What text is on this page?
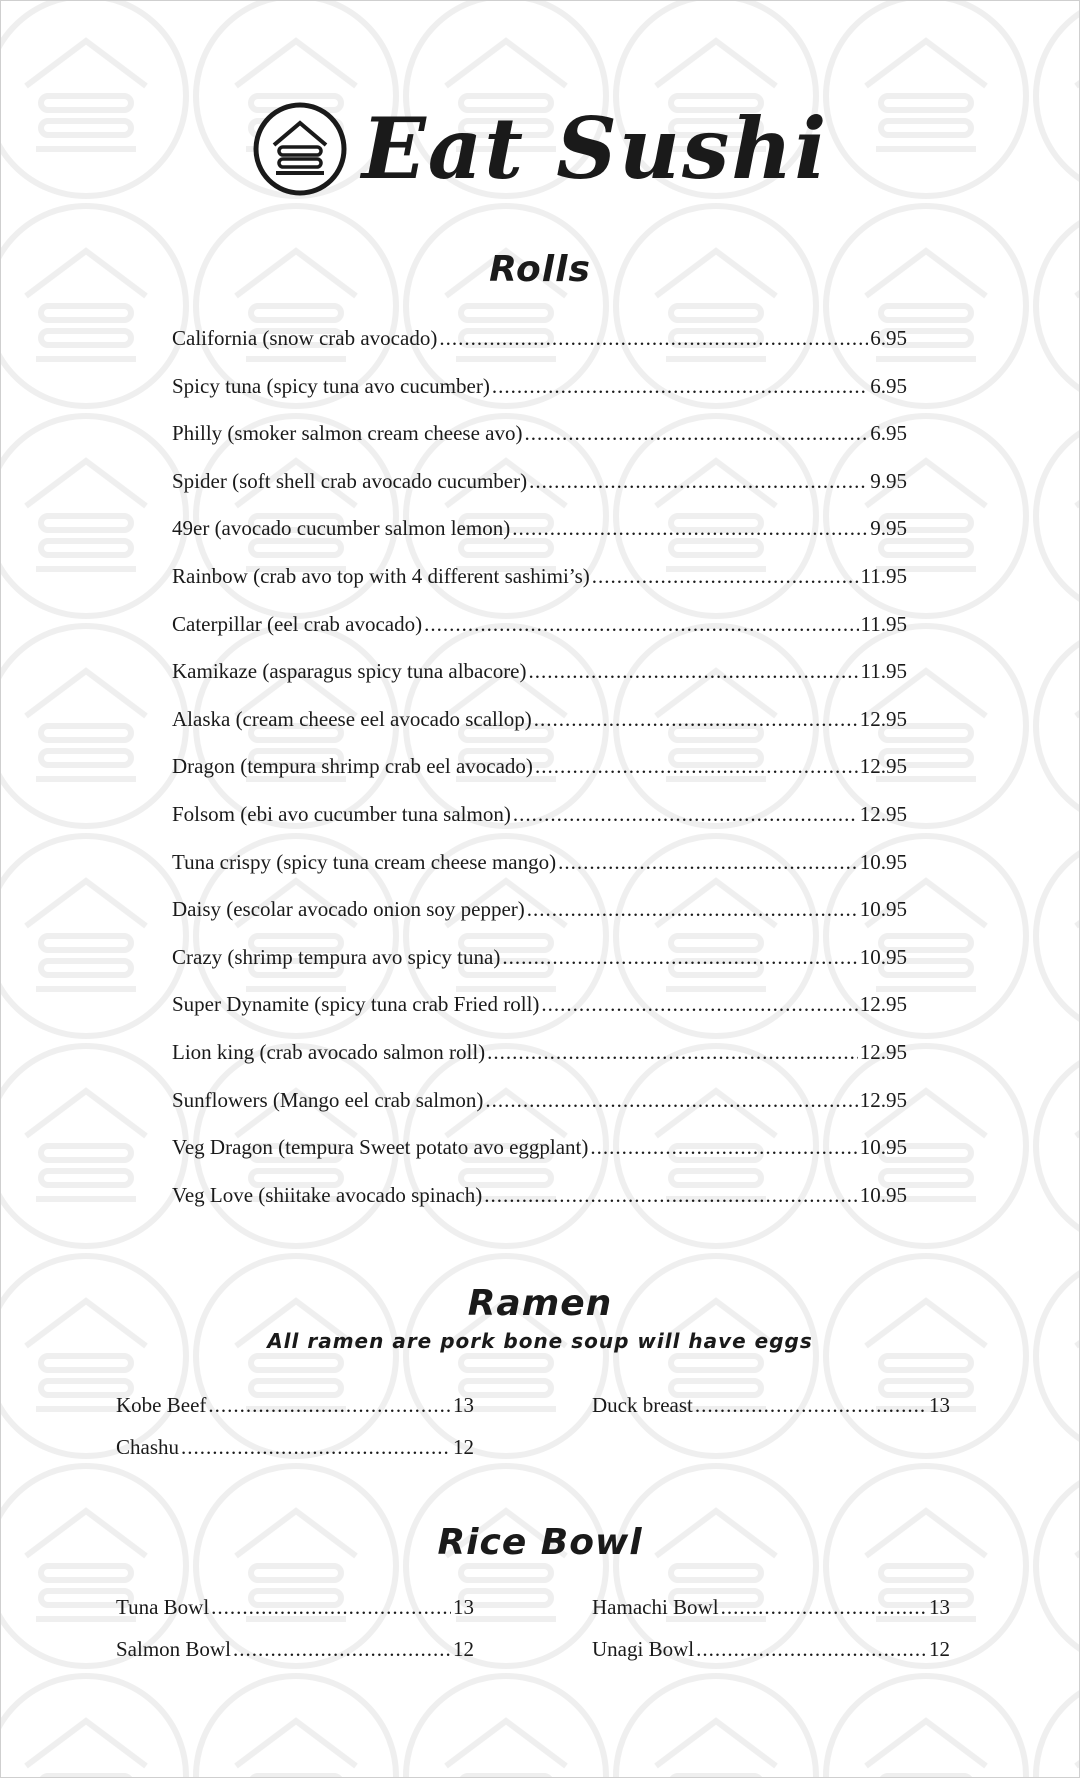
Eat Sushi
Rolls
California (snow crab avocado) .....	6.95
Spicy tuna (spicy tuna avo cucumber) .....	6.95
Philly (smoker salmon cream cheese avo) .....	6.95
Spider (soft shell crab avocado cucumber) .....	9.95
49er (avocado cucumber salmon lemon) .....	9.95
Rainbow (crab avo top with 4 different sashimi’s) .....	11.95
Caterpillar (eel crab avocado) .....	11.95
Kamikaze (asparagus spicy tuna albacore) .....	11.95
Alaska (cream cheese eel avocado scallop) .....	12.95
Dragon (tempura shrimp crab eel avocado) .....	12.95
Folsom (ebi avo cucumber tuna salmon) .....	12.95
Tuna crispy (spicy tuna cream cheese mango) .....	10.95
Daisy (escolar avocado onion soy pepper) .....	10.95
Crazy (shrimp tempura avo spicy tuna) .....	10.95
Super Dynamite (spicy tuna crab Fried roll) .....	12.95
Lion king (crab avocado salmon roll) .....	12.95
Sunflowers (Mango eel crab salmon) .....	12.95
Veg Dragon (tempura Sweet potato avo eggplant) .....	10.95
Veg Love (shiitake avocado spinach) .....	10.95
Ramen
All ramen are pork bone soup will have eggs
Kobe Beef .....	13
Chashu .....	12
Duck breast .....	13
Rice Bowl
Tuna Bowl .....	13
Salmon Bowl .....	12
Hamachi Bowl .....	13
Unagi Bowl .....	12
